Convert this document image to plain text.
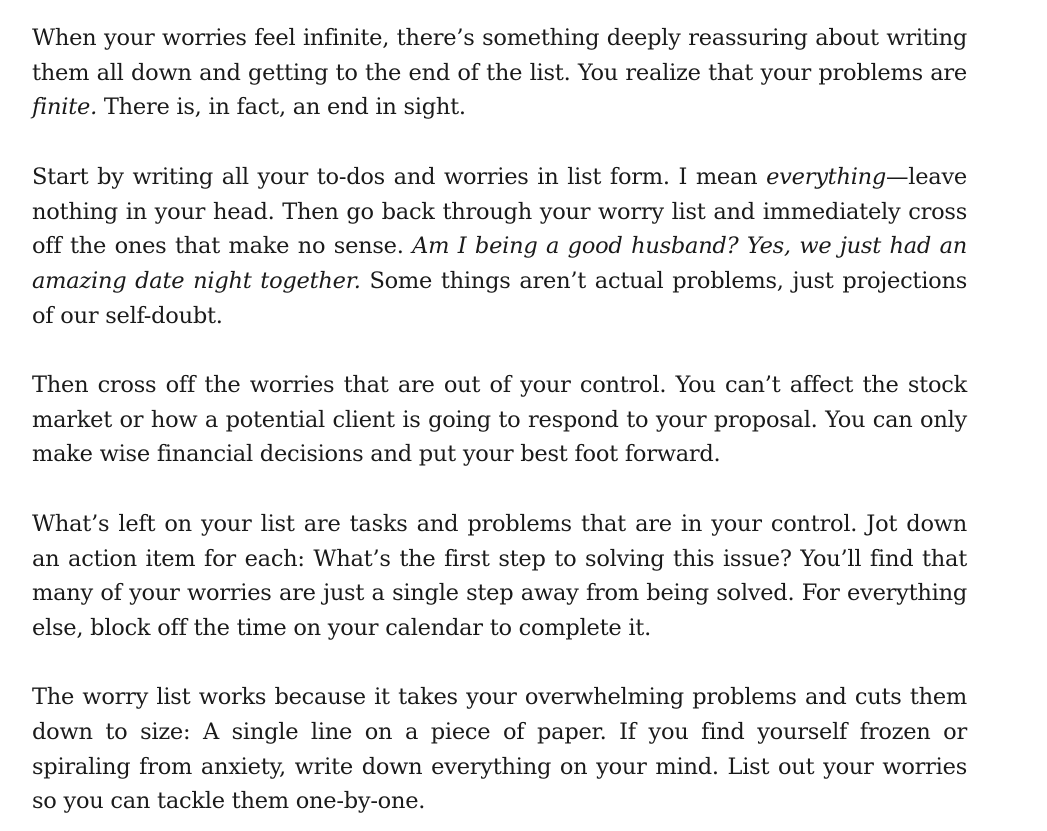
When your worries feel infinite, there’s something deeply reassuring about writing them all down and getting to the end of the list. You realize that your problems are finite. There is, in fact, an end in sight.

Start by writing all your to-dos and worries in list form. I mean everything—leave nothing in your head. Then go back through your worry list and immediately cross off the ones that make no sense. Am I being a good husband? Yes, we just had an amazing date night together. Some things aren’t actual problems, just projections of our self-doubt.

Then cross off the worries that are out of your control. You can’t affect the stock market or how a potential client is going to respond to your proposal. You can only make wise financial decisions and put your best foot forward.

What’s left on your list are tasks and problems that are in your control. Jot down an action item for each: What’s the first step to solving this issue? You’ll find that many of your worries are just a single step away from being solved. For everything else, block off the time on your calendar to complete it.

The worry list works because it takes your overwhelming problems and cuts them down to size: A single line on a piece of paper. If you find yourself frozen or spiraling from anxiety, write down everything on your mind. List out your worries so you can tackle them one-by-one.
